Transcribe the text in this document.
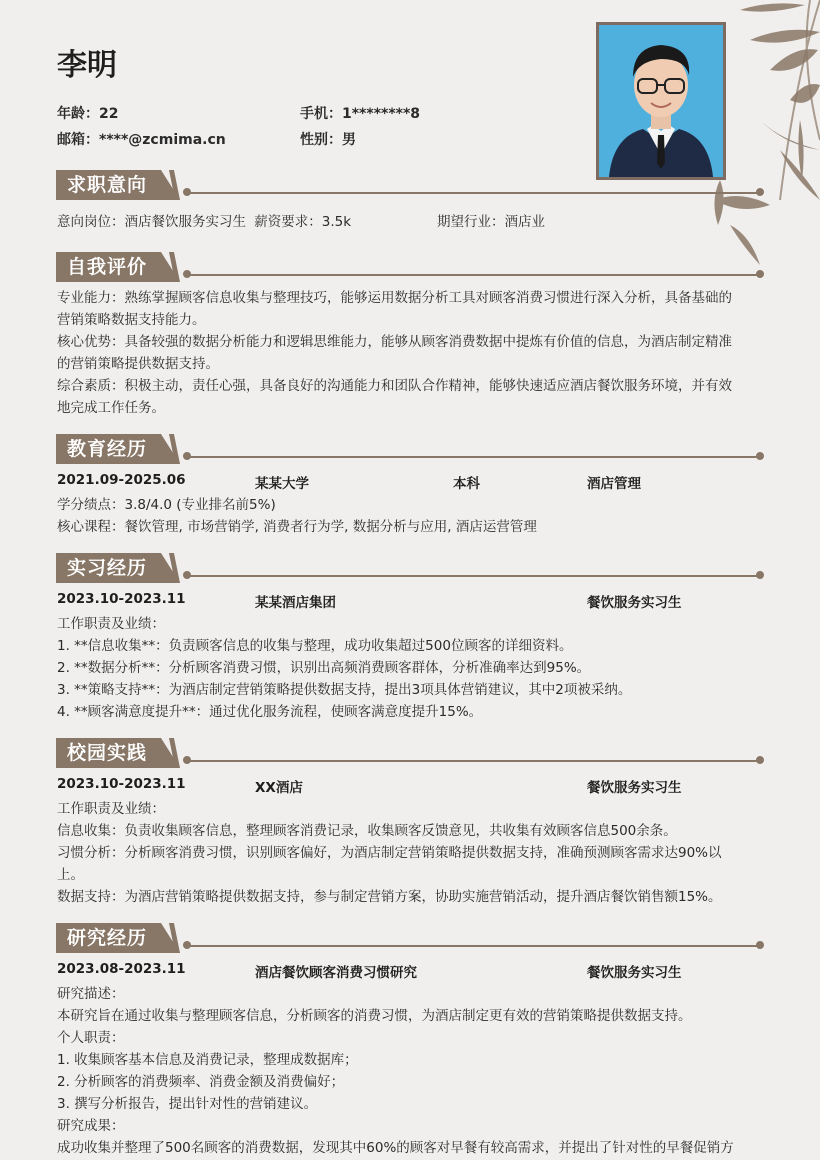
李明
年龄：22	手机：1********8
邮箱：****@zcmima.cn	性别：男
求职意向
意向岗位：酒店餐饮服务实习生 薪资要求：3.5k	期望行业：酒店业
自我评价
专业能力：熟练掌握顾客信息收集与整理技巧，能够运用数据分析工具对顾客消费习惯进行深入分析，具备基础的
营销策略数据支持能力。
核心优势：具备较强的数据分析能力和逻辑思维能力，能够从顾客消费数据中提炼有价值的信息，为酒店制定精准
的营销策略提供数据支持。
综合素质：积极主动，责任心强，具备良好的沟通能力和团队合作精神，能够快速适应酒店餐饮服务环境，并有效
地完成工作任务。
教育经历
2021.09-2025.06	某某大学	本科	酒店管理
学分绩点：3.8/4.0 (专业排名前5%)
核心课程：餐饮管理, 市场营销学, 消费者行为学, 数据分析与应用, 酒店运营管理
实习经历
2023.10-2023.11	某某酒店集团	餐饮服务实习生
工作职责及业绩：
1. **信息收集**：负责顾客信息的收集与整理，成功收集超过500位顾客的详细资料。
2. **数据分析**：分析顾客消费习惯，识别出高频消费顾客群体，分析准确率达到95%。
3. **策略支持**：为酒店制定营销策略提供数据支持，提出3项具体营销建议，其中2项被采纳。
4. **顾客满意度提升**：通过优化服务流程，使顾客满意度提升15%。
校园实践
2023.10-2023.11	XX酒店	餐饮服务实习生
工作职责及业绩：
信息收集：负责收集顾客信息，整理顾客消费记录，收集顾客反馈意见，共收集有效顾客信息500余条。
习惯分析：分析顾客消费习惯，识别顾客偏好，为酒店制定营销策略提供数据支持，准确预测顾客需求达90%以
上。
数据支持：为酒店营销策略提供数据支持，参与制定营销方案，协助实施营销活动，提升酒店餐饮销售额15%。
研究经历
2023.08-2023.11	酒店餐饮顾客消费习惯研究	餐饮服务实习生
研究描述：
本研究旨在通过收集与整理顾客信息，分析顾客的消费习惯，为酒店制定更有效的营销策略提供数据支持。
个人职责：
1. 收集顾客基本信息及消费记录，整理成数据库；
2. 分析顾客的消费频率、消费金额及消费偏好；
3. 撰写分析报告，提出针对性的营销建议。
研究成果：
成功收集并整理了500名顾客的消费数据，发现其中60%的顾客对早餐有较高需求，并提出了针对性的早餐促销方
